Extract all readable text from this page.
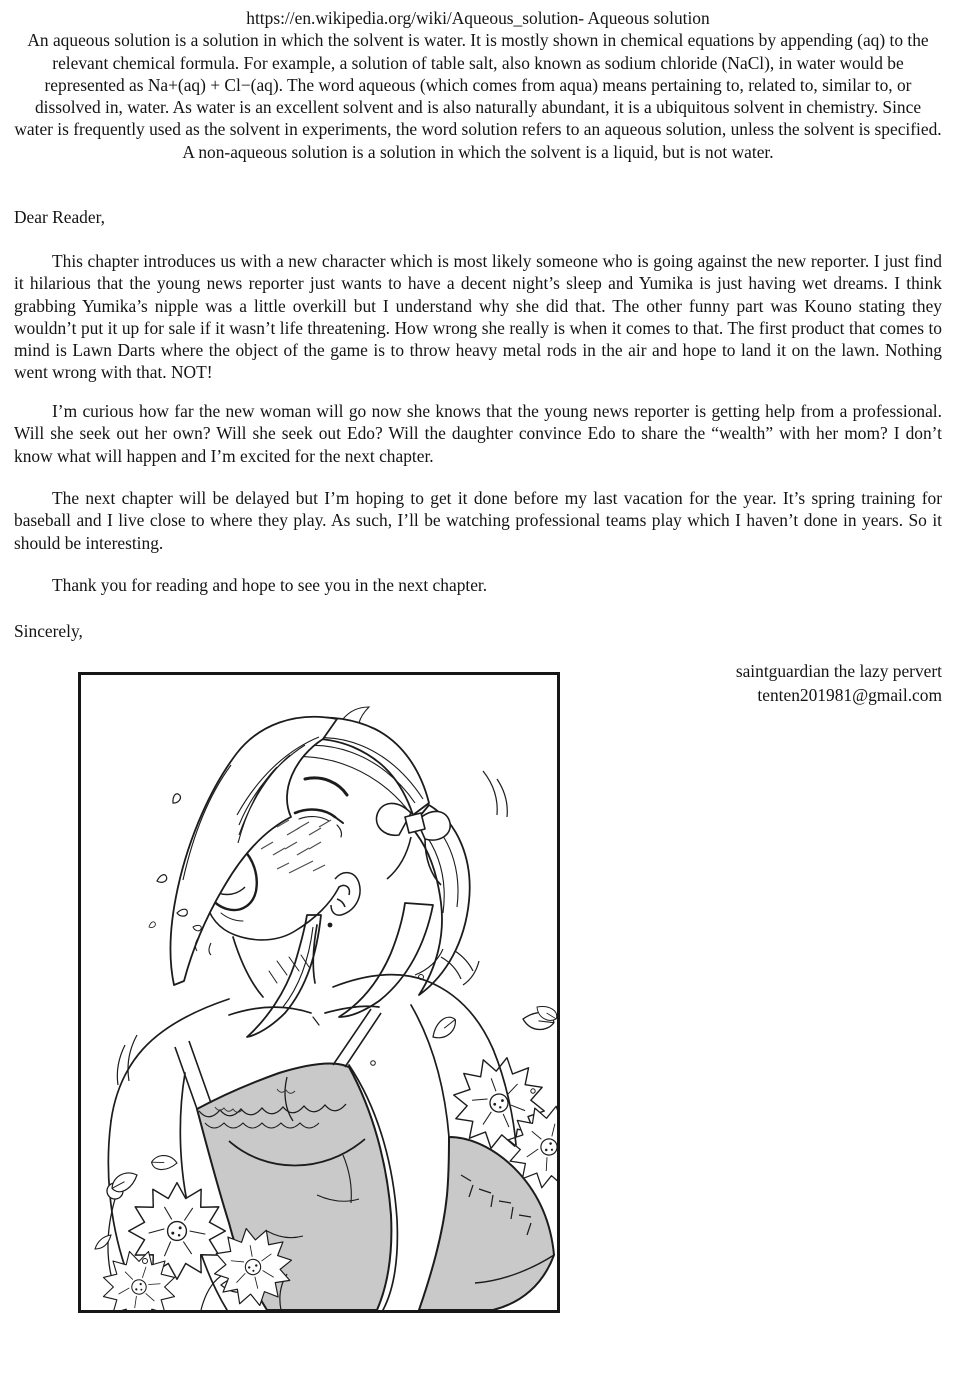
https://en.wikipedia.org/wiki/Aqueous_solution- Aqueous solution
An aqueous solution is a solution in which the solvent is water. It is mostly shown in chemical equations by appending (aq) to the relevant chemical formula. For example, a solution of table salt, also known as sodium chloride (NaCl), in water would be represented as Na+(aq) + Cl−(aq). The word aqueous (which comes from aqua) means pertaining to, related to, similar to, or dissolved in, water. As water is an excellent solvent and is also naturally abundant, it is a ubiquitous solvent in chemistry. Since water is frequently used as the solvent in experiments, the word solution refers to an aqueous solution, unless the solvent is specified.
A non-aqueous solution is a solution in which the solvent is a liquid, but is not water.
Dear Reader,
This chapter introduces us with a new character which is most likely someone who is going against the new reporter. I just find it hilarious that the young news reporter just wants to have a decent night’s sleep and Yumika is just having wet dreams. I think grabbing Yumika’s nipple was a little overkill but I understand why she did that. The other funny part was Kouno stating they wouldn’t put it up for sale if it wasn’t life threatening. How wrong she really is when it comes to that. The first product that comes to mind is Lawn Darts where the object of the game is to throw heavy metal rods in the air and hope to land it on the lawn. Nothing went wrong with that. NOT!
I’m curious how far the new woman will go now she knows that the young news reporter is getting help from a professional. Will she seek out her own? Will she seek out Edo? Will the daughter convince Edo to share the “wealth” with her mom? I don’t know what will happen and I’m excited for the next chapter.
The next chapter will be delayed but I’m hoping to get it done before my last vacation for the year. It’s spring training for baseball and I live close to where they play. As such, I’ll be watching professional teams play which I haven’t done in years. So it should be interesting.
Thank you for reading and hope to see you in the next chapter.
Sincerely,
saintguardian the lazy pervert
tenten201981@gmail.com
